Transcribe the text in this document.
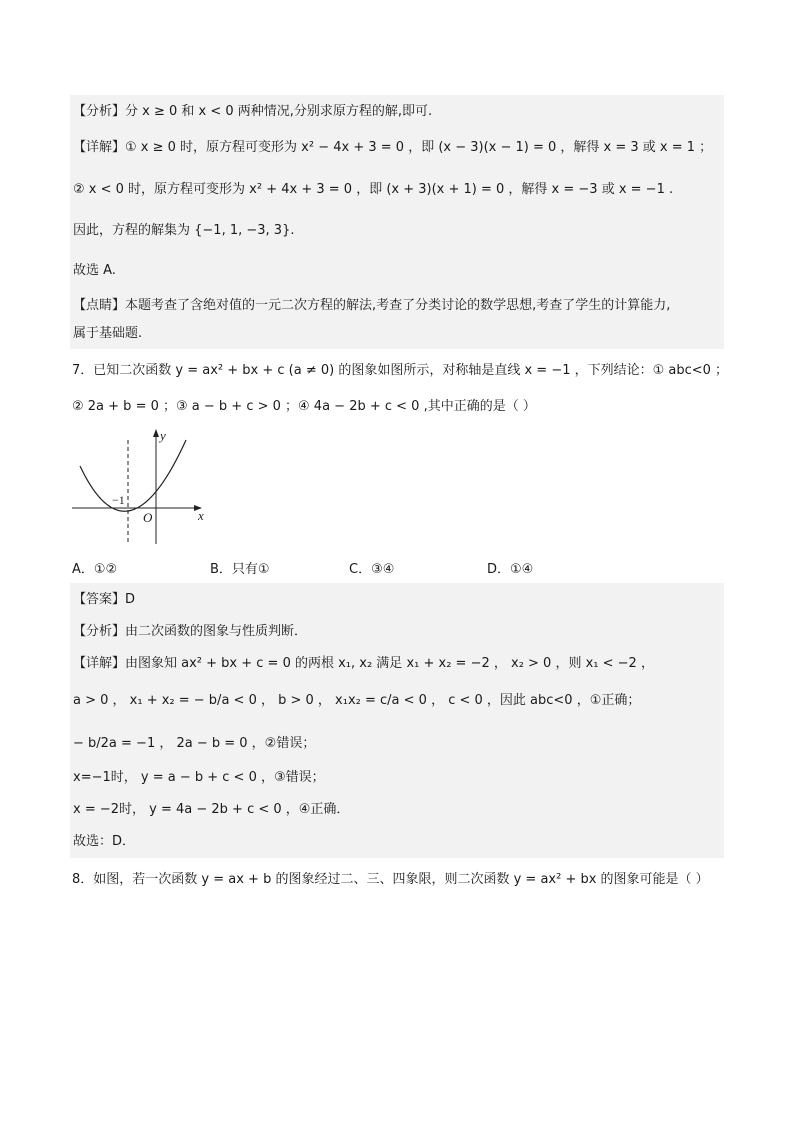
【分析】分 x ≥ 0 和 x < 0 两种情况,分别求原方程的解,即可.
【详解】① x ≥ 0 时，原方程可变形为 x² − 4x + 3 = 0 ，即 (x − 3)(x − 1) = 0 ，解得 x = 3 或 x = 1 ；
② x < 0 时，原方程可变形为 x² + 4x + 3 = 0 ，即 (x + 3)(x + 1) = 0 ，解得 x = −3 或 x = −1 .
因此，方程的解集为 {−1, 1, −3, 3}.
故选 A.
【点睛】本题考查了含绝对值的一元二次方程的解法,考查了分类讨论的数学思想,考查了学生的计算能力,
属于基础题.
7．已知二次函数 y = ax² + bx + c (a ≠ 0) 的图象如图所示，对称轴是直线 x = −1 ，下列结论：① abc<0 ；
② 2a + b = 0 ；③ a − b + c > 0 ；④ 4a − 2b + c < 0 ,其中正确的是（ ）
y
x
O
−1
A．①②	B．只有①	C．③④	D．①④
【答案】D
【分析】由二次函数的图象与性质判断．
【详解】由图象知 ax² + bx + c = 0 的两根 x₁, x₂ 满足 x₁ + x₂ = −2 ， x₂ > 0 ，则 x₁ < −2 ，
a > 0 ， x₁ + x₂ = − b/a < 0 ， b > 0 ， x₁x₂ = c/a < 0 ， c < 0 ，因此 abc<0 ，①正确；
− b/2a = −1 ， 2a − b = 0 ，②错误；
x=−1时， y = a − b + c < 0 ，③错误；
x = −2时， y = 4a − 2b + c < 0 ，④正确．
故选：D．
8．如图，若一次函数 y = ax + b 的图象经过二、三、四象限，则二次函数 y = ax² + bx 的图象可能是（ ）
